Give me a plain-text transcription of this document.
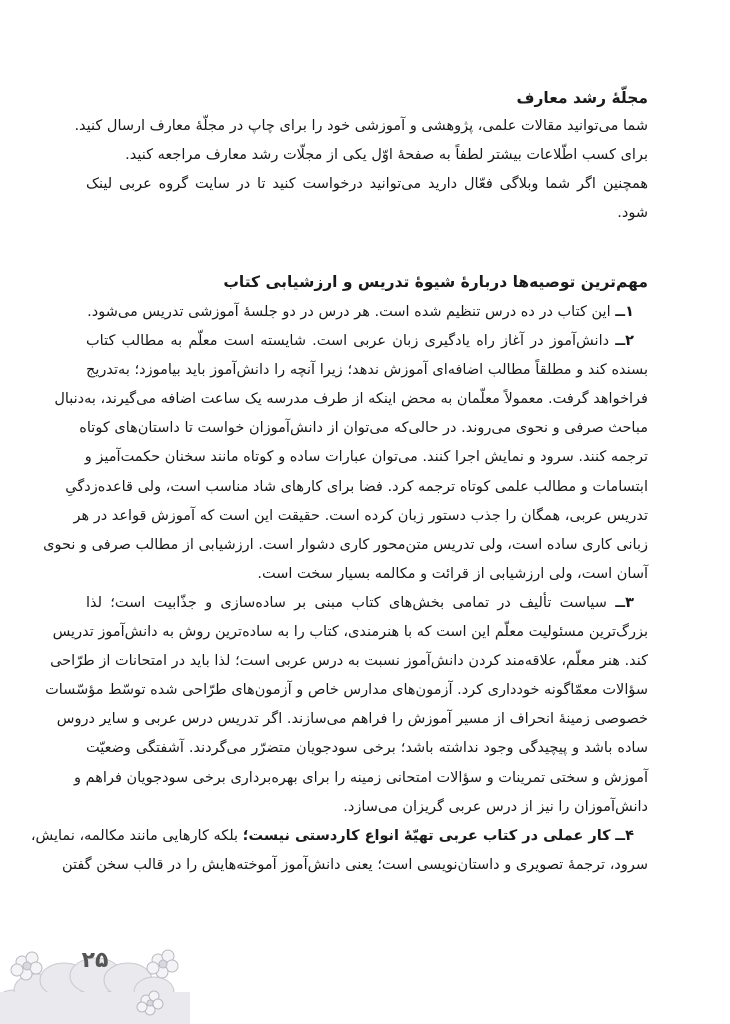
مجلّهٔ رشد معارف
شما می‌توانید مقالات علمی، پژوهشی و آموزشی خود را برای چاپ در مجلّهٔ معارف ارسال کنید.
برای کسب اطّلاعات بیشتر لطفاً به صفحهٔ اوّل یکی از مجلّات رشد معارف مراجعه کنید.
همچنین اگر شما وبلاگی فعّال دارید می‌توانید درخواست کنید تا در سایت گروه عربی لینک
شود.
مهم‌ترین توصیه‌ها دربارهٔ شیوهٔ تدریس و ارزشیابی کتاب
۱ــ این کتاب در ده درس تنظیم شده است. هر درس در دو جلسهٔ آموزشی تدریس می‌شود.
۲ــ دانش‌آموز در آغاز راه یادگیری زبان عربی است. شایسته است معلّم به مطالب کتاب
بسنده کند و مطلقاً مطالب اضافه‌ای آموزش ندهد؛ زیرا آنچه را دانش‌آموز باید بیاموزد؛ به‌تدریج
فراخواهد گرفت. معمولاً معلّمان به محض اینکه از طرف مدرسه یک ساعت اضافه می‌گیرند، به‌دنبال
مباحث صرفی و نحوی می‌روند. در حالی‌که می‌توان از دانش‌آموزان خواست تا داستان‌های کوتاه
ترجمه کنند. سرود و نمایش اجرا کنند. می‌توان عبارات ساده و کوتاه مانند سخنان حکمت‌آمیز و
ابتسامات و مطالب علمی کوتاه ترجمه کرد. فضا برای کارهای شاد مناسب است، ولی قاعده‌زدگیِ
تدریس عربی، همگان را جذب دستور زبان کرده است. حقیقت این است که آموزش قواعد در هر
زبانی کاری ساده است، ولی تدریس متن‌محور کاری دشوار است. ارزشیابی از مطالب صرفی و نحوی
آسان است، ولی ارزشیابی از قرائت و مکالمه بسیار سخت است.
۳ــ سیاست تألیف در تمامی بخش‌های کتاب مبنی بر ساده‌سازی و جذّابیت است؛ لذا
بزرگ‌ترین مسئولیت معلّم این است که با هنرمندی، کتاب را به ساده‌ترین روش به دانش‌آموز تدریس
کند. هنر معلّم، علاقه‌مند کردن دانش‌آموز نسبت به درس عربی است؛ لذا باید در امتحانات از طرّاحی
سؤالات معمّاگونه خودداری کرد. آزمون‌های مدارس خاص و آزمون‌های طرّاحی شده توسّط مؤسّسات
خصوصی زمینهٔ انحراف از مسیر آموزش را فراهم می‌سازند. اگر تدریس درس عربی و سایر دروس
ساده باشد و پیچیدگی وجود نداشته باشد؛ برخی سودجویان متضرّر می‌گردند. آشفتگی وضعیّت
آموزش و سختی تمرینات و سؤالات امتحانی زمینه را برای بهره‌برداری برخی سودجویان فراهم و
دانش‌آموزان را نیز از درس عربی گریزان می‌سازد.
۴ــ کار عملی در کتاب عربی تهیّهٔ انواع کاردستی نیست؛ بلکه کارهایی مانند مکالمه، نمایش،
سرود، ترجمهٔ تصویری و داستان‌نویسی است؛ یعنی دانش‌آموز آموخته‌هایش را در قالب سخن گفتن
۲۵
